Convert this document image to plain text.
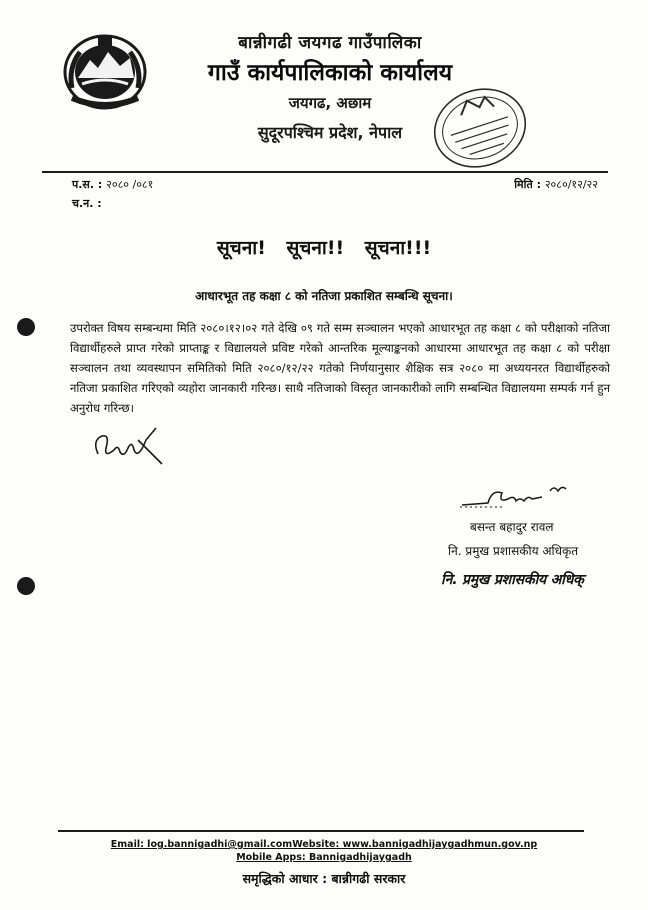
बान्नीगढी जयगढ गाउँपालिका
गाउँ कार्यपालिकाको कार्यालय
जयगढ, अछाम
सुदूरपश्चिम प्रदेश, नेपाल
प.स. : २०८० /०८१	मिति : २०८०/१२/२२
च.न. :
सूचना! सूचना!! सूचना!!!
आधारभूत तह कक्षा ८ को नतिजा प्रकाशित सम्बन्धि सूचना।
उपरोक्त विषय सम्बन्धमा मिति २०८०।१२।०२ गते देखि ०९ गते सम्म सञ्चालन भएको आधारभूत तह कक्षा ८ को परीक्षाको नतिजा विद्यार्थीहरुले प्राप्त गरेको प्राप्ताङ्क र विद्यालयले प्रविष्ट गरेको आन्तरिक मूल्याङ्कनको आधारमा आधारभूत तह कक्षा ८ को परीक्षा सञ्चालन तथा व्यवस्थापन समितिको मिति २०८०/१२/२२ गतेको निर्णयानुसार शैक्षिक सत्र २०८० मा अध्ययनरत विद्यार्थीहरुको नतिजा प्रकाशित गरिएको व्यहोरा जानकारी गरिन्छ। साथै नतिजाको विस्तृत जानकारीको लागि सम्बन्धित विद्यालयमा सम्पर्क गर्न हुन अनुरोध गरिन्छ।
बसन्त बहादुर रावल
नि. प्रमुख प्रशासकीय अधिकृत
नि. प्रमुख प्रशासकीय अधिक्
Email: log.bannigadhi@gmail.comWebsite: www.bannigadhijaygadhmun.gov.np
Mobile Apps: Bannigadhijaygadh
समृद्धिको आधार : बान्नीगढी सरकार
